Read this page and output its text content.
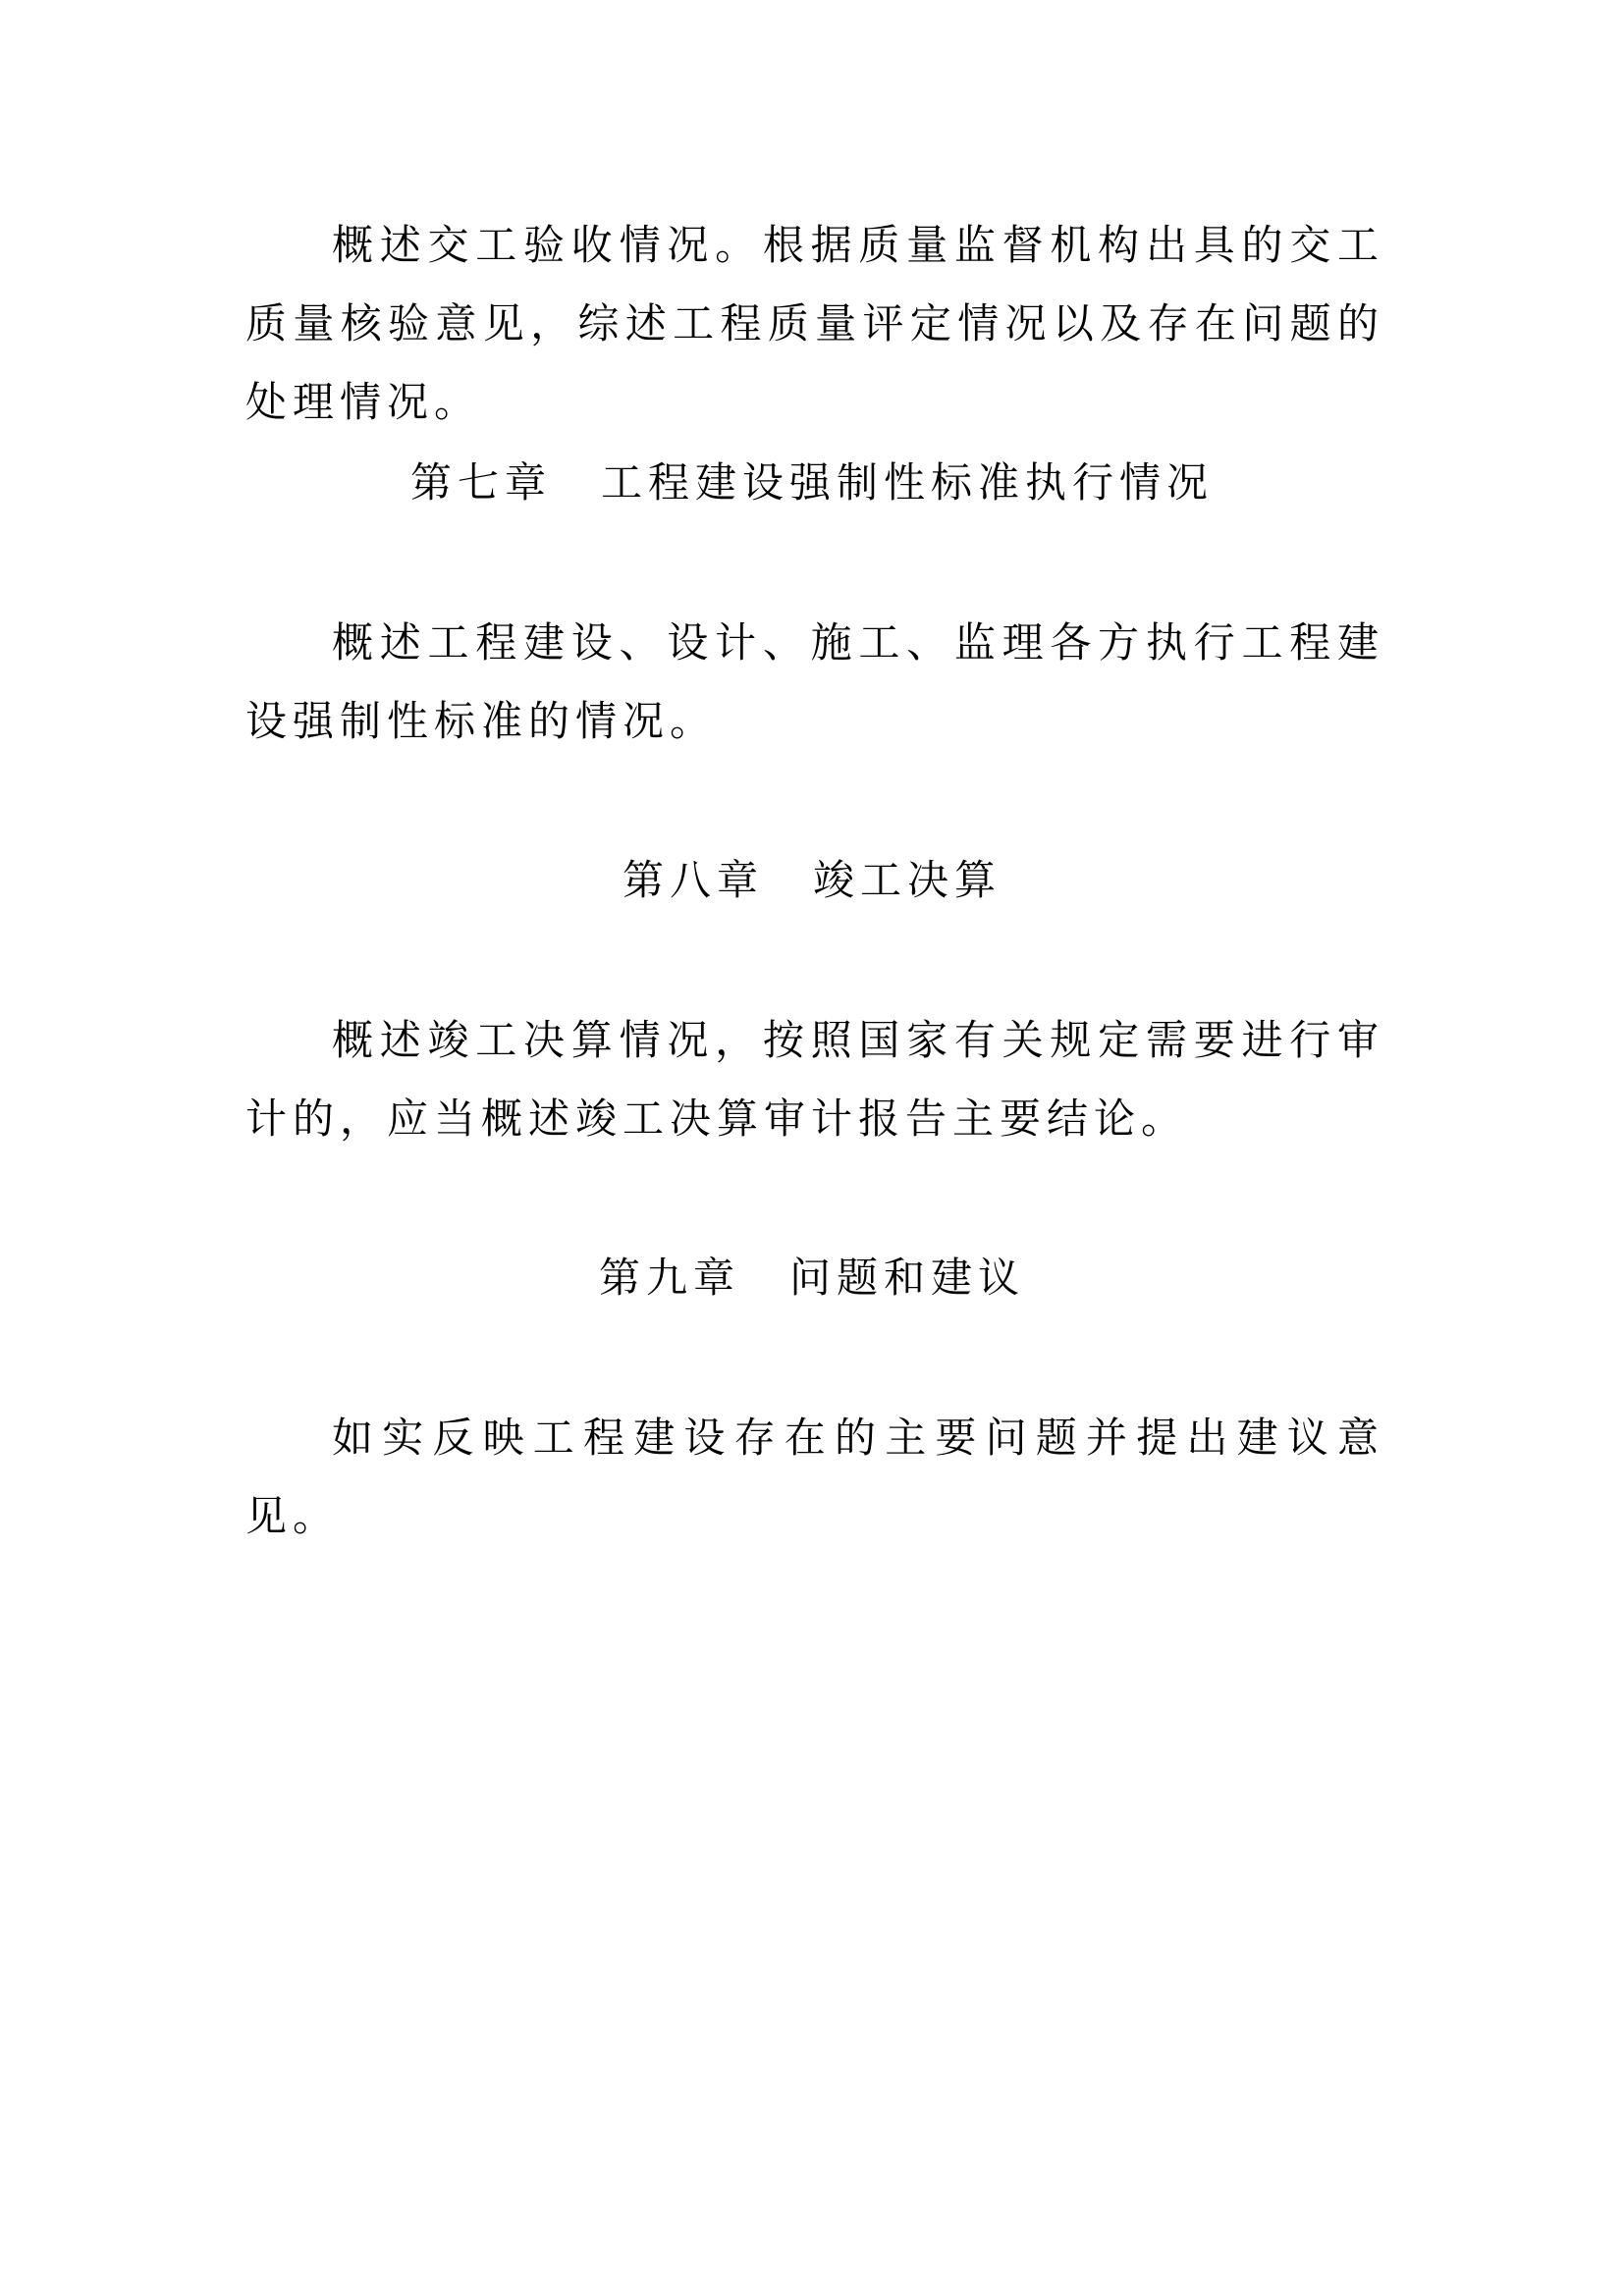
概述交工验收情况。根据质量监督机构出具的交工质量核验意见，综述工程质量评定情况以及存在问题的处理情况。

第七章 工程建设强制性标准执行情况

概述工程建设、设计、施工、监理各方执行工程建设强制性标准的情况。

第八章 竣工决算

概述竣工决算情况，按照国家有关规定需要进行审计的，应当概述竣工决算审计报告主要结论。

第九章 问题和建议

如实反映工程建设存在的主要问题并提出建议意见。
